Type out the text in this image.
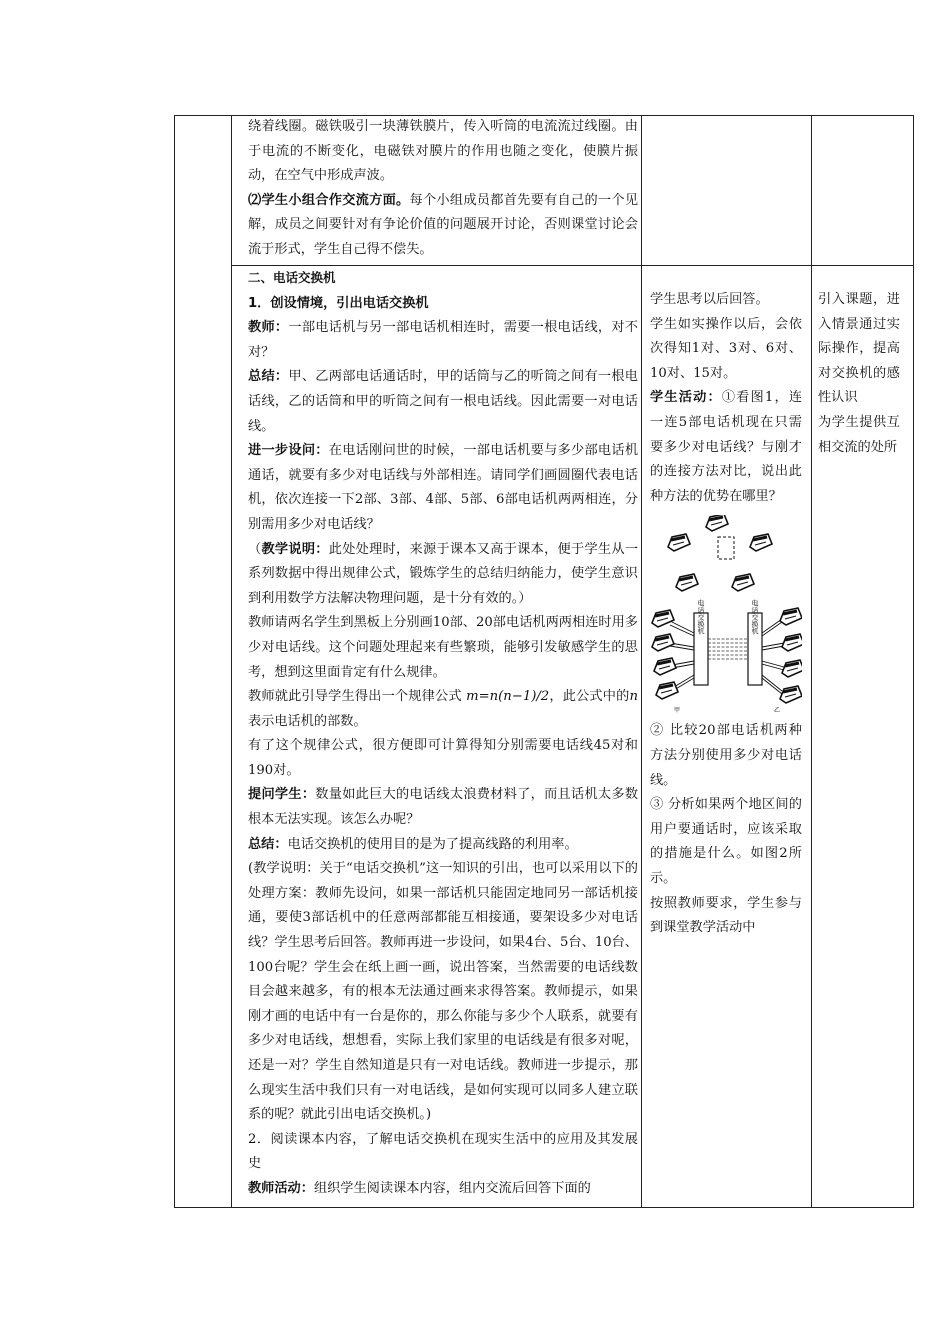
绕着线圈。磁铁吸引一块薄铁膜片，传入听筒的电流流过线圈。由于电流的不断变化，电磁铁对膜片的作用也随之变化，使膜片振动，在空气中形成声波。

⑵学生小组合作交流方面。每个小组成员都首先要有自己的一个见解，成员之间要针对有争论价值的问题展开讨论，否则课堂讨论会流于形式，学生自己得不偿失。

二、电话交换机

1．创设情境，引出电话交换机

教师：一部电话机与另一部电话机相连时，需要一根电话线，对不对？

总结：甲、乙两部电话通话时，甲的话筒与乙的听筒之间有一根电话线，乙的话筒和甲的听筒之间有一根电话线。因此需要一对电话线。

进一步设问：在电话刚问世的时候，一部电话机要与多少部电话机通话，就要有多少对电话线与外部相连。请同学们画圆圈代表电话机，依次连接一下2部、3部、4部、5部、6部电话机两两相连，分别需用多少对电话线？

（教学说明：此处处理时，来源于课本又高于课本，便于学生从一系列数据中得出规律公式，锻炼学生的总结归纳能力，使学生意识到利用数学方法解决物理问题，是十分有效的。）

教师请两名学生到黑板上分别画10部、20部电话机两两相连时用多少对电话线。这个问题处理起来有些繁琐，能够引发敏感学生的思考，想到这里面肯定有什么规律。

教师就此引导学生得出一个规律公式 m=n(n−1)/2，此公式中的n表示电话机的部数。

有了这个规律公式，很方便即可计算得知分别需要电话线45对和190对。

提问学生：数量如此巨大的电话线太浪费材料了，而且话机太多数根本无法实现。该怎么办呢？

总结：电话交换机的使用目的是为了提高线路的利用率。

(教学说明：关于“电话交换机”这一知识的引出，也可以采用以下的处理方案：教师先设问，如果一部话机只能固定地同另一部话机接通，要使3部话机中的任意两部都能互相接通，要架设多少对电话线？学生思考后回答。教师再进一步设问，如果4台、5台、10台、100台呢？学生会在纸上画一画，说出答案，当然需要的电话线数目会越来越多，有的根本无法通过画来求得答案。教师提示，如果刚才画的电话中有一台是你的，那么你能与多少个人联系，就要有多少对电话线，想想看，实际上我们家里的电话线是有很多对呢，还是一对？学生自然知道是只有一对电话线。教师进一步提示，那么现实生活中我们只有一对电话线，是如何实现可以同多人建立联系的呢？就此引出电话交换机。)

2．阅读课本内容，了解电话交换机在现实生活中的应用及其发展史

教师活动：组织学生阅读课本内容，组内交流后回答下面的

学生思考以后回答。

学生如实操作以后，会依次得知1对、3对、6对、10对、15对。

学生活动：①看图1，连一连5部电话机现在只需要多少对电话线？与刚才的连接方法对比，说出此种方法的优势在哪里？

电话交换机	电话交换机
甲	乙

② 比较20部电话机两种方法分别使用多少对电话线。

③ 分析如果两个地区间的用户要通话时，应该采取的措施是什么。如图2所示。

按照教师要求，学生参与到课堂教学活动中

引入课题，进入情景通过实际操作，提高对交换机的感性认识

为学生提供互相交流的处所
